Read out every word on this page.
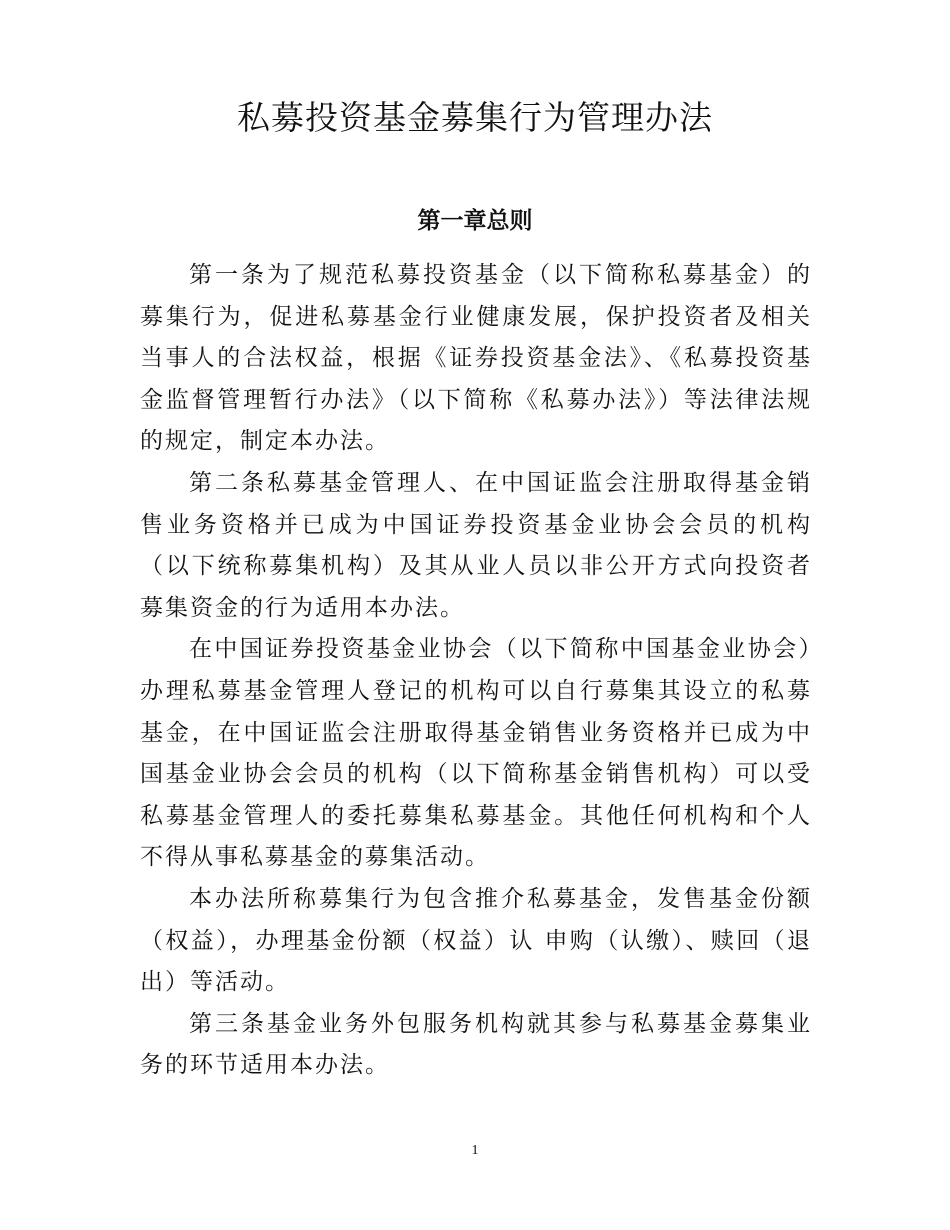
私募投资基金募集行为管理办法
第一章总则

第一条为了规范私募投资基金（以下简称私募基金）的募集行为，促进私募基金行业健康发展，保护投资者及相关当事人的合法权益，根据《证券投资基金法》、《私募投资基金监督管理暂行办法》（以下简称《私募办法》）等法律法规的规定，制定本办法。

第二条私募基金管理人、在中国证监会注册取得基金销售业务资格并已成为中国证券投资基金业协会会员的机构（以下统称募集机构）及其从业人员以非公开方式向投资者募集资金的行为适用本办法。

在中国证券投资基金业协会（以下简称中国基金业协会）办理私募基金管理人登记的机构可以自行募集其设立的私募基金，在中国证监会注册取得基金销售业务资格并已成为中国基金业协会会员的机构（以下简称基金销售机构）可以受私募基金管理人的委托募集私募基金。其他任何机构和个人不得从事私募基金的募集活动。

本办法所称募集行为包含推介私募基金，发售基金份额（权益），办理基金份额（权益）认 申购（认缴）、赎回（退出）等活动。

第三条基金业务外包服务机构就其参与私募基金募集业务的环节适用本办法。

1
